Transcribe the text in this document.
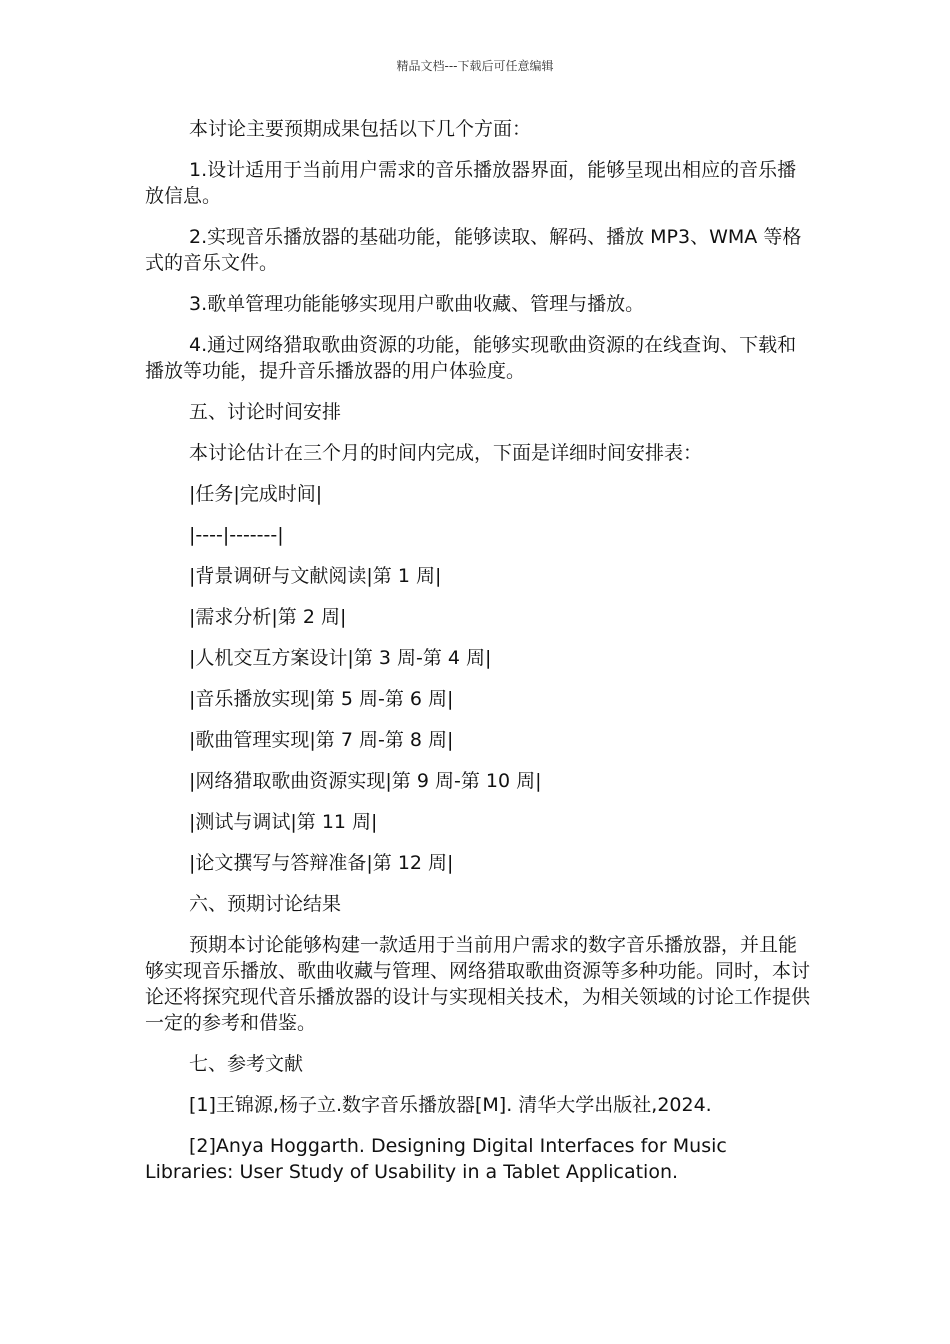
精品文档---下载后可任意编辑

本讨论主要预期成果包括以下几个方面：

1.设计适用于当前用户需求的音乐播放器界面，能够呈现出相应的音乐播放信息。

2.实现音乐播放器的基础功能，能够读取、解码、播放 MP3、WMA 等格式的音乐文件。

3.歌单管理功能能够实现用户歌曲收藏、管理与播放。

4.通过网络猎取歌曲资源的功能，能够实现歌曲资源的在线查询、下载和播放等功能，提升音乐播放器的用户体验度。

五、讨论时间安排

本讨论估计在三个月的时间内完成，下面是详细时间安排表：

|任务|完成时间|

|----|-------|

|背景调研与文献阅读|第 1 周|

|需求分析|第 2 周|

|人机交互方案设计|第 3 周-第 4 周|

|音乐播放实现|第 5 周-第 6 周|

|歌曲管理实现|第 7 周-第 8 周|

|网络猎取歌曲资源实现|第 9 周-第 10 周|

|测试与调试|第 11 周|

|论文撰写与答辩准备|第 12 周|

六、预期讨论结果

预期本讨论能够构建一款适用于当前用户需求的数字音乐播放器，并且能够实现音乐播放、歌曲收藏与管理、网络猎取歌曲资源等多种功能。同时，本讨论还将探究现代音乐播放器的设计与实现相关技术，为相关领域的讨论工作提供一定的参考和借鉴。

七、参考文献

[1]王锦源,杨子立.数字音乐播放器[M]. 清华大学出版社,2024.

[2]Anya Hoggarth. Designing Digital Interfaces for Music Libraries: User Study of Usability in a Tablet Application.
